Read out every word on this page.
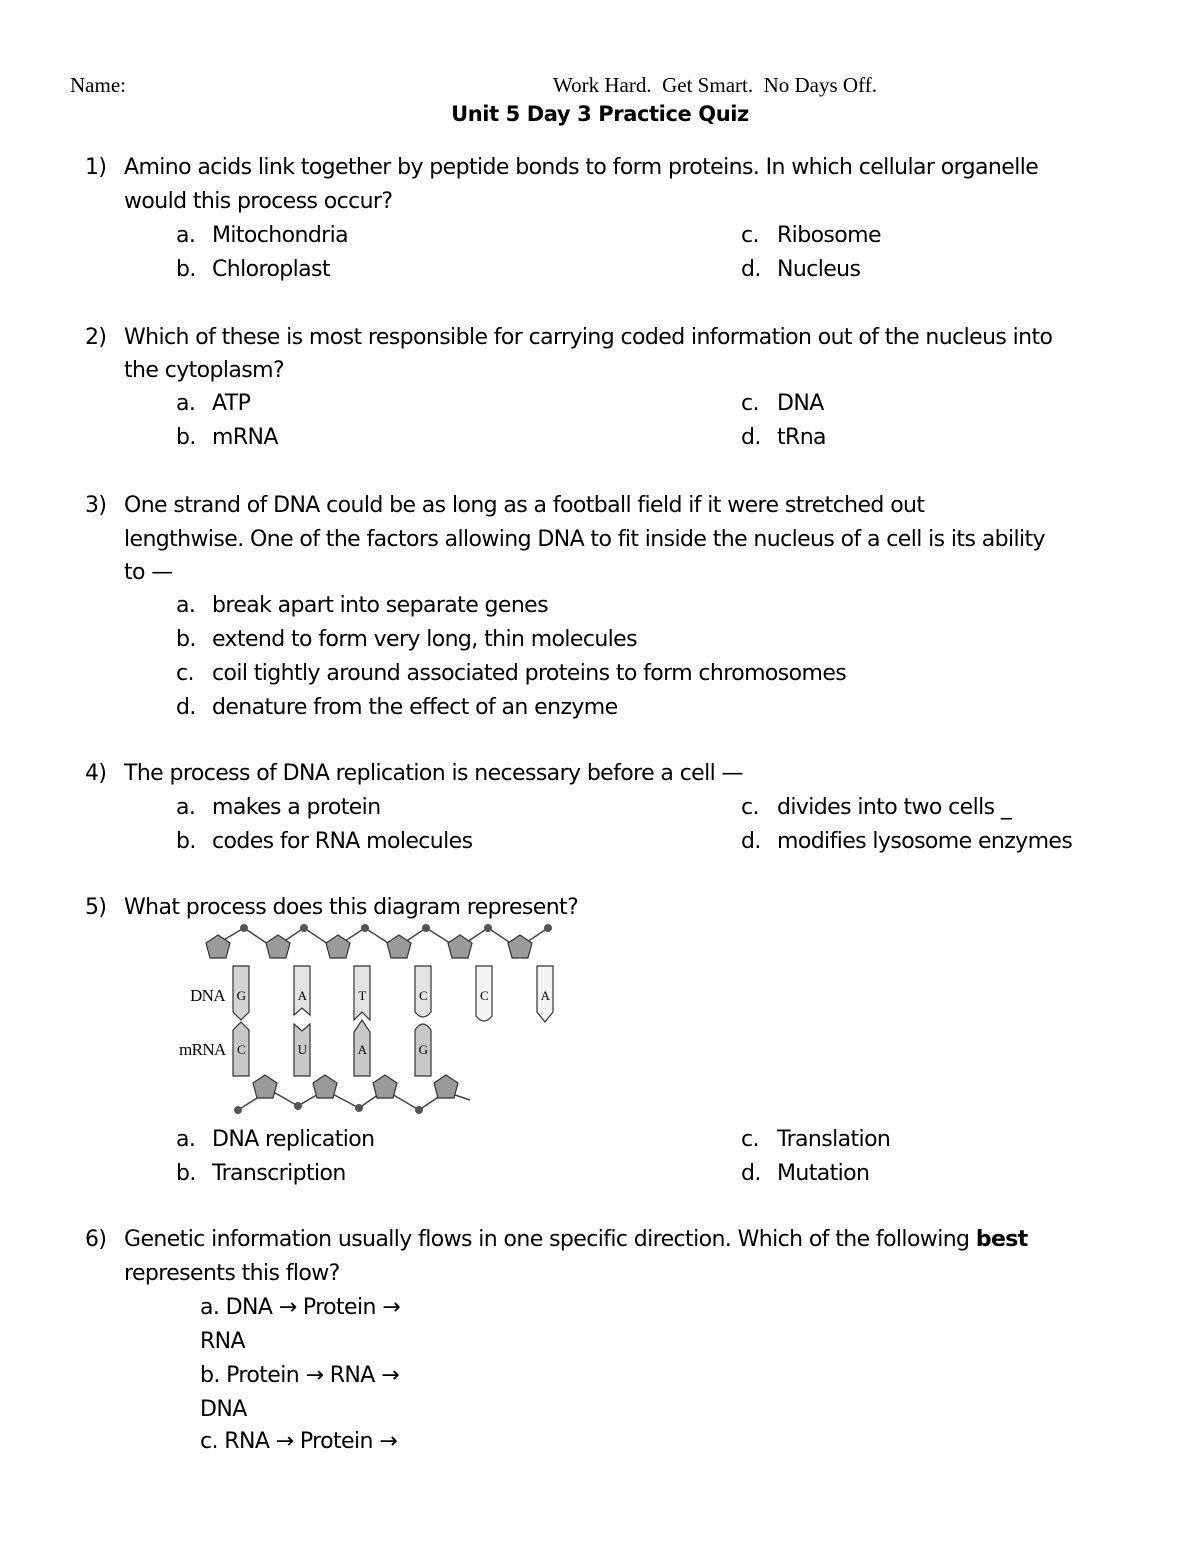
Name:	Work Hard.  Get Smart.  No Days Off.
Unit 5 Day 3 Practice Quiz
1) Amino acids link together by peptide bonds to form proteins. In which cellular organelle
would this process occur?
a. Mitochondria
b. Chloroplast
c. Ribosome
d. Nucleus
2) Which of these is most responsible for carrying coded information out of the nucleus into
the cytoplasm?
a. ATP
b. mRNA
c. DNA
d. tRna
3) One strand of DNA could be as long as a football field if it were stretched out
lengthwise. One of the factors allowing DNA to fit inside the nucleus of a cell is its ability
to —
a. break apart into separate genes
b. extend to form very long, thin molecules
c. coil tightly around associated proteins to form chromosomes
d. denature from the effect of an enzyme
4) The process of DNA replication is necessary before a cell —
a. makes a protein
b. codes for RNA molecules
c. divides into two cells _
d. modifies lysosome enzymes
5) What process does this diagram represent?
G	A	T	C	C	A
C	U	A	G
DNA
mRNA
a. DNA replication
b. Transcription
c. Translation
d. Mutation
6) Genetic information usually flows in one specific direction. Which of the following best
represents this flow?
a. DNA → Protein →
RNA
b. Protein → RNA →
DNA
c. RNA → Protein →
